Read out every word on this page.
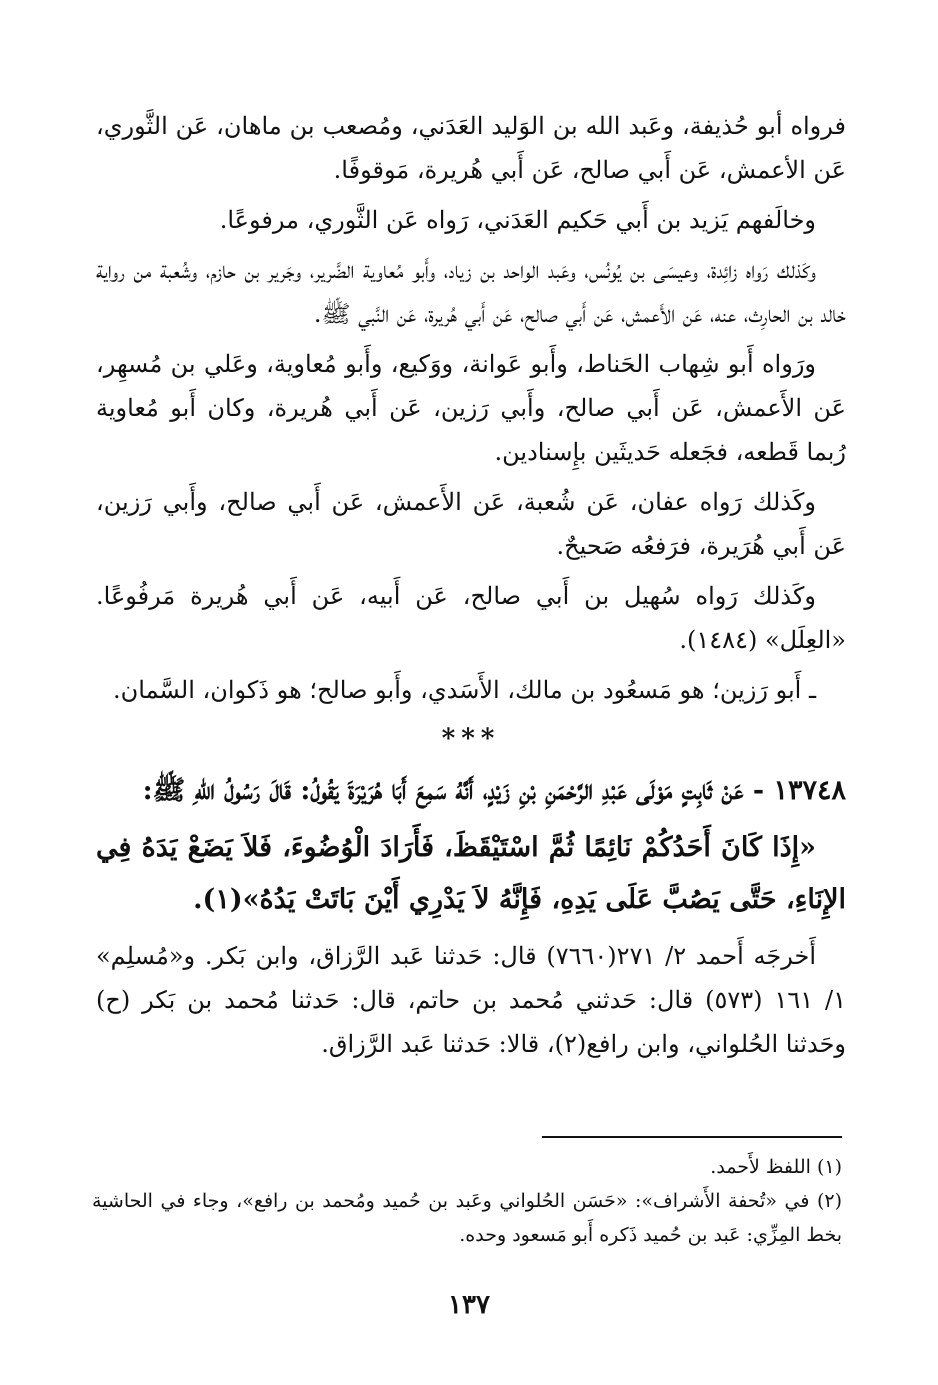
فرواه أبو حُذيفة، وعَبد الله بن الوَليد العَدَني، ومُصعب بن ماهان، عَن الثَّوري، عَن الأعمش، عَن أَبي صالح، عَن أَبي هُريرة، مَوقوفًا.

وخالَفهم يَزيد بن أَبي حَكيم العَدَني، رَواه عَن الثَّوري، مرفوعًا.

وكَذلك رَواه زائِدة، وعيسَى بن يُونُس، وعَبد الواحد بن زياد، وأَبو مُعاوية الضَّرير، وجَرير بن حازم، وشُعبة من رواية خالد بن الحارِث، عنه، عَن الأَعمش، عَن أَبي صالح، عَن أَبي هُريرة، عَن النَّبي ﷺ.

ورَواه أَبو شِهاب الحَناط، وأَبو عَوانة، ووَكيع، وأَبو مُعاوية، وعَلي بن مُسهِر، عَن الأَعمش، عَن أَبي صالح، وأَبي رَزين، عَن أَبي هُريرة، وكان أَبو مُعاوية رُبما قَطعه، فجَعله حَديثَين بإِسنادين.

وكَذلك رَواه عفان، عَن شُعبة، عَن الأَعمش، عَن أَبي صالح، وأَبي رَزين، عَن أَبي هُرَيرة، فرَفعُه صَحيحٌ.

وكَذلك رَواه سُهيل بن أَبي صالح، عَن أَبيه، عَن أَبي هُريرة مَرفُوعًا. «العِلَل» (١٤٨٤).

ـ أَبو رَزين؛ هو مَسعُود بن مالك، الأَسَدي، وأَبو صالح؛ هو ذَكوان، السَّمان.

***

١٣٧٤٨ - عَنْ ثَابِتٍ مَوْلَى عَبْدِ الرَّحْمَنِ بْنِ زَيْدٍ، أَنَّهُ سَمِعَ أَبَا هُرَيْرَةَ يَقُولُ: قَالَ رَسُولُ اللهِ ﷺ:

«إِذَا كَانَ أَحَدُكُمْ نَائِمًا ثُمَّ اسْتَيْقَظَ، فَأَرَادَ الْوُضُوءَ، فَلاَ يَضَعْ يَدَهُ فِي الإِنَاءِ، حَتَّى يَصُبَّ عَلَى يَدِهِ، فَإِنَّهُ لاَ يَدْرِي أَيْنَ بَاتَتْ يَدُهُ»(١).

أَخرجَه أَحمد ٢/ ٢٧١(٧٦٦٠) قال: حَدثنا عَبد الرَّزاق، وابن بَكر. و«مُسلِم» ١/ ١٦١ (٥٧٣) قال: حَدثني مُحمد بن حاتم، قال: حَدثنا مُحمد بن بَكر (ح) وحَدثنا الحُلواني، وابن رافع(٢)، قالا: حَدثنا عَبد الرَّزاق.

(١) اللفظ لأَحمد.

(٢) في «تُحفة الأَشراف»: «حَسَن الحُلواني وعَبد بن حُميد ومُحمد بن رافع»، وجاء في الحاشية بخط المِزِّي: عَبد بن حُميد ذَكره أَبو مَسعود وحده.

١٣٧
